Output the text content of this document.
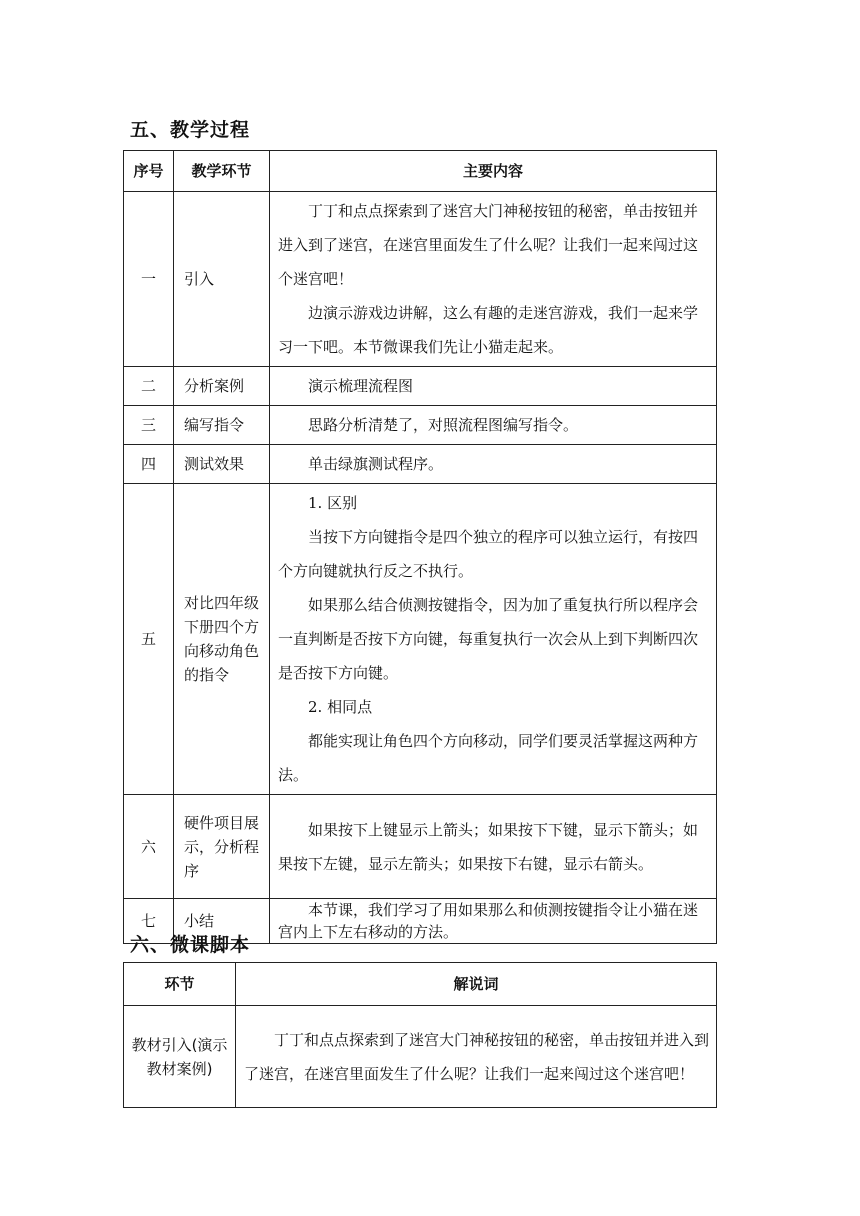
五、教学过程
序号	教学环节	主要内容
一	引入	丁丁和点点探索到了迷宫大门神秘按钮的秘密，单击按钮并进入到了迷宫，在迷宫里面发生了什么呢？让我们一起来闯过这个迷宫吧！
边演示游戏边讲解，这么有趣的走迷宫游戏，我们一起来学习一下吧。本节微课我们先让小猫走起来。

二	分析案例	演示梳理流程图

三	编写指令	思路分析清楚了，对照流程图编写指令。

四	测试效果	单击绿旗测试程序。

五	对比四年级下册四个方向移动角色的指令	1. 区别
当按下方向键指令是四个独立的程序可以独立运行，有按四个方向键就执行反之不执行。
如果那么结合侦测按键指令，因为加了重复执行所以程序会一直判断是否按下方向键，每重复执行一次会从上到下判断四次是否按下方向键。
2. 相同点
都能实现让角色四个方向移动，同学们要灵活掌握这两种方法。

六	硬件项目展示，分析程序	如果按下上键显示上箭头；如果按下下键，显示下箭头；如果按下左键，显示左箭头；如果按下右键，显示右箭头。

七	小结	本节课，我们学习了用如果那么和侦测按键指令让小猫在迷宫内上下左右移动的方法。
六、微课脚本
环节	解说词
教材引入(演示教材案例)	丁丁和点点探索到了迷宫大门神秘按钮的秘密，单击按钮并进入到了迷宫，在迷宫里面发生了什么呢？让我们一起来闯过这个迷宫吧！
